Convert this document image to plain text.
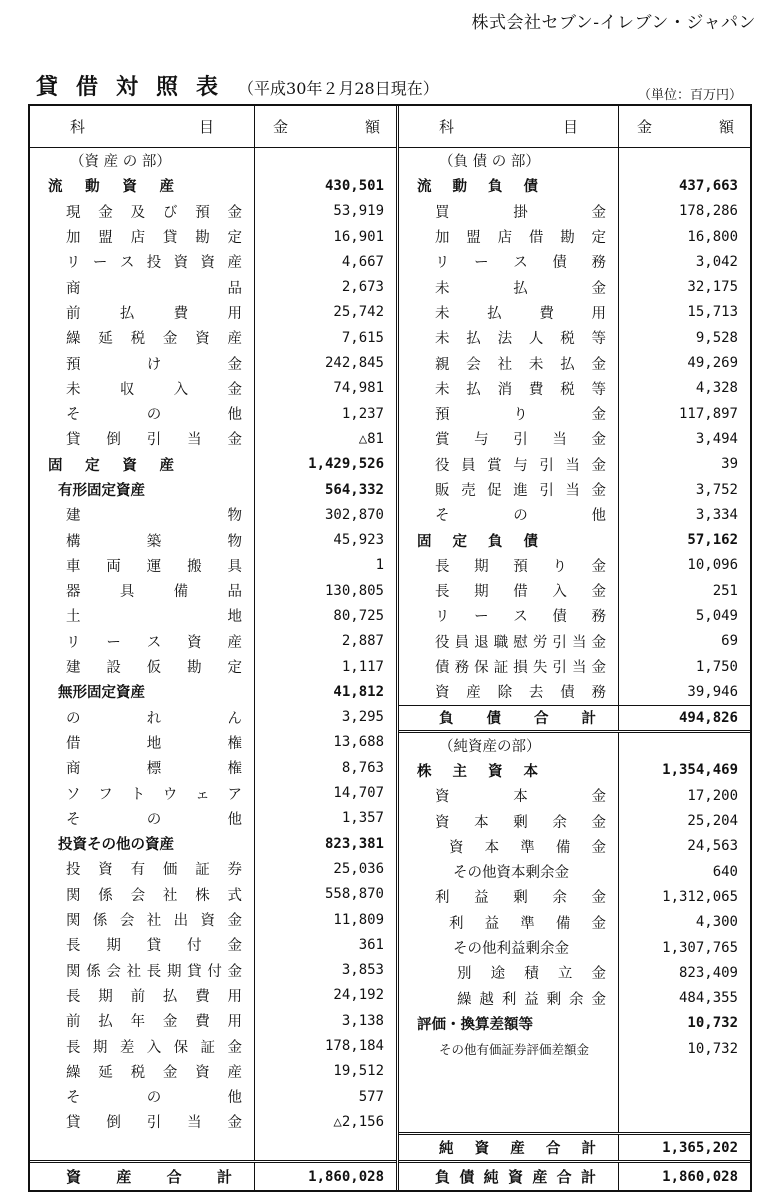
株式会社セブン‐イレブン・ジャパン
貸借対照表 （平成30年２月28日現在）	（単位：百万円）
科	目	金	額
（資 産 の 部）
流 動 資 産	430,501
現 金 及 び 預 金	53,919
加 盟 店 貸 勘 定	16,901
リ ー ス 投 資 資 産	4,667
商	品	2,673
前	払	費	用	25,742
繰 延 税 金 資 産	7,615
預	け	金	242,845
未	収	入	金	74,981
そ	の	他	1,237
貸 倒 引 当 金	△81
固 定 資 産	1,429,526
有形固定資産	564,332
建	物	302,870
構	築	物	45,923
車 両 運 搬 具	1
器	具	備	品	130,805
土	地	80,725
リ ー ス 資 産	2,887
建 設 仮 勘 定	1,117
無形固定資産	41,812
の	れ	ん	3,295
借	地	権	13,688
商	標	権	8,763
ソ フ ト ウ ェ ア	14,707
そ	の	他	1,357
投資その他の資産	823,381
投 資 有 価 証 券	25,036
関 係 会 社 株 式	558,870
関 係 会 社 出 資 金	11,809
長 期 貸 付 金	361
関 係 会 社 長 期 貸 付 金	3,853
長 期 前 払 費 用	24,192
前 払 年 金 費 用	3,138
長 期 差 入 保 証 金	178,184
繰 延 税 金 資 産	19,512
そ	の	他	577
貸 倒 引 当 金	△2,156
資 産 合 計	1,860,028
科	目	金	額
（負 債 の 部）
流 動 負 債	437,663
買	掛	金	178,286
加 盟 店 借 勘 定	16,800
リ ー ス 債 務	3,042
未	払	金	32,175
未	払	費	用	15,713
未 払 法 人 税 等	9,528
親 会 社 未 払 金	49,269
未 払 消 費 税 等	4,328
預	り	金	117,897
賞 与 引 当 金	3,494
役 員 賞 与 引 当 金	39
販 売 促 進 引 当 金	3,752
そ	の	他	3,334
固 定 負 債	57,162
長 期 預 り 金	10,096
長 期 借 入 金	251
リ ー ス 債 務	5,049
役 員 退 職 慰 労 引 当 金	69
債 務 保 証 損 失 引 当 金	1,750
資 産 除 去 債 務	39,946
負 債 合 計	494,826
（純資産の部）
株 主 資 本	1,354,469
資	本	金	17,200
資 本 剰 余 金	25,204
資 本 準 備 金	24,563
その他資本剰余金	640
利 益 剰 余 金	1,312,065
利 益 準 備 金	4,300
その他利益剰余金	1,307,765
別 途 積 立 金	823,409
繰 越 利 益 剰 余 金	484,355
評価・換算差額等	10,732
その他有価証券評価差額金	10,732
純 資 産 合 計	1,365,202
負 債 純 資 産 合 計	1,860,028
